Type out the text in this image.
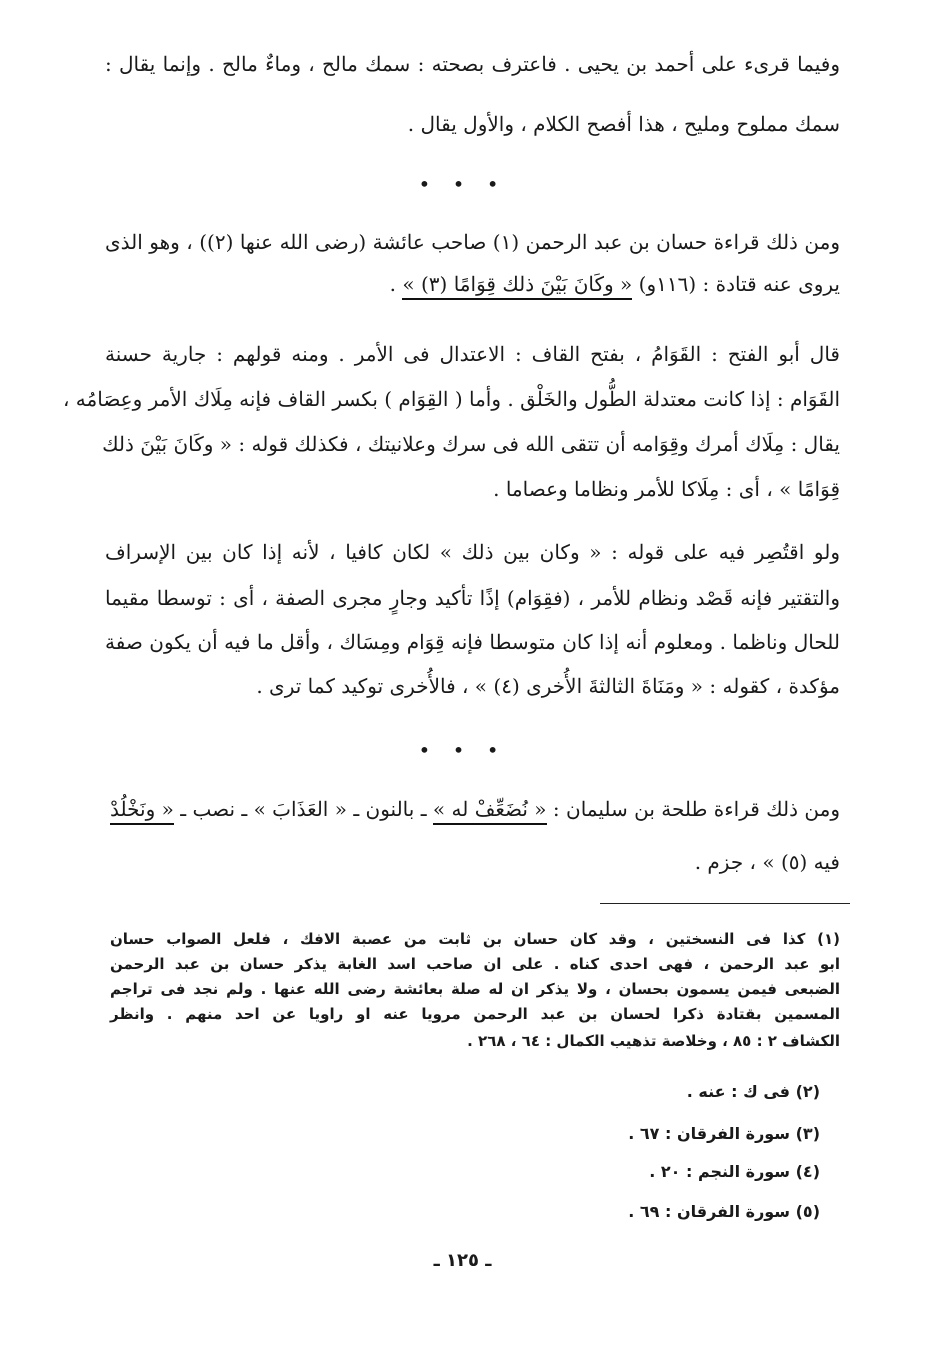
وفيما قرىء على أحمد بن يحيى . فاعترف بصحته : سمك مالح ، وماءٌ مالح . وإنما يقال :
سمك مملوح ومليح ، هذا أفصح الكلام ، والأول يقال .
• • •
ومن ذلك قراءة حسان بن عبد الرحمن (١) صاحب عائشة (رضى الله عنها (٢)) ، وهو الذى
يروى عنه قتادة : (١١٦و) « وكَانَ بَيْنَ ذلك قِوَامًا (٣) » .
قال أبو الفتح : القَوَامُ ، بفتح القاف : الاعتدال فى الأمر . ومنه قولهم : جارية حسنة
القَوَام : إذا كانت معتدلة الطُّول والخَلْق . وأما ( القِوَام ) بكسر القاف فإنه مِلَاك الأمر وعِصَامُه ،
يقال : مِلَاك أمرك وقِوَامه أن تتقى الله فى سرك وعلانيتك ، فكذلك قوله : « وكَانَ بَيْنَ ذلك
قِوَامًا » ، أى : مِلَاكا للأمر ونظاما وعصاما .
ولو اقتُصِر فيه على قوله : « وكان بين ذلك » لكان كافيا ، لأنه إذا كان بين الإسراف
والتقتير فإنه قَصْد ونظام للأمر ، (فقِوَام) إذًا تأكيد وجارٍ مجرى الصفة ، أى : توسطا مقيما
للحال وناظما . ومعلوم أنه إذا كان متوسطا فإنه قِوَام ومِسَاك ، وأقل ما فيه أن يكون صفة
مؤكدة ، كقوله : « ومَنَاةَ الثالثةَ الأُخرى (٤) » ، فالأُخرى توكيد كما ترى .
• • •
ومن ذلك قراءة طلحة بن سليمان : « نُضَعِّفْ له » ـ بالنون ـ « العَذَابَ » ـ نصب ـ « ونَخْلُدْ
فيه (٥) » ، جزم .
(١) كذا فى النسختين ، وقد كان حسان بن ثابت من عصبة الافك ، فلعل الصواب حسان
ابو عبد الرحمن ، فهى احدى كناه . على ان صاحب اسد الغابة يذكر حسان بن عبد الرحمن
الضبعى فيمن يسمون بحسان ، ولا يذكر ان له صلة بعائشة رضى الله عنها . ولم نجد فى تراجم
المسمين بقتادة ذكرا لحسان بن عبد الرحمن مرويا عنه او راويا عن احد منهم . وانظر
الكشاف ٢ : ٨٥ ، وخلاصة تذهيب الكمال : ٦٤ ، ٢٦٨ .
(٢) فى ك : عنه .
(٣) سورة الفرقان : ٦٧ .
(٤) سورة النجم : ٢٠ .
(٥) سورة الفرقان : ٦٩ .
ـ ١٢٥ ـ
